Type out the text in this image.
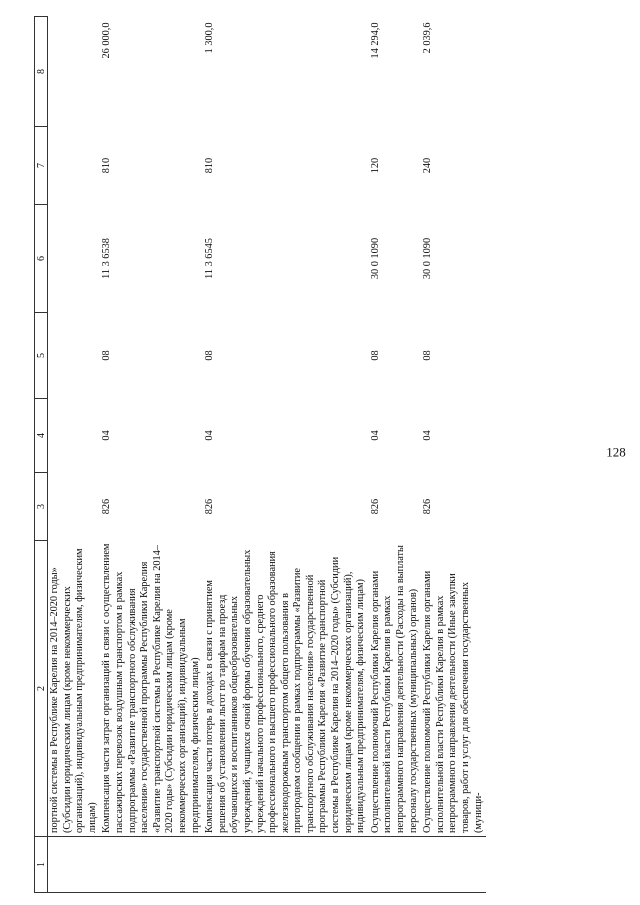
1	2	3	4	5	6	7	8
	портной системы в Республике Карелия на 2014–2020 годы» (Субсидии юридическим лицам (кроме некоммерческих организаций), индивидуальным предпринимателям, физическим лицам)						
	Компенсация части затрат организаций в связи с осуществлением пассажирских перевозок воздушным транспортом в рамках подпрограммы «Развитие транспортного обслуживания населения» государственной программы Республики Карелия «Развитие транспортной системы в Республике Карелия на 2014–2020 годы» (Субсидии юридическим лицам (кроме некоммерческих организаций), индивидуальным предпринимателям, физическим лицам)	826	04	08	11 3 6538	810	26 000,0
	Компенсация части потерь в доходах в связи с принятием решения об установлении льгот по тарифам на проезд обучающихся и воспитанников общеобразовательных учреждений, учащихся очной формы обучения образовательных учреждений начального профессионального, среднего профессионального и высшего профессионального образования железнодорожным транспортом общего пользования в пригородном сообщении в рамках подпрограммы «Развитие транспортного обслуживания населения» государственной программы Республики Карелия «Развитие транспортной системы в Республике Карелия на 2014–2020 годы» (Субсидии юридическим лицам (кроме некоммерческих организаций), индивидуальным предпринимателям, физическим лицам)	826	04	08	11 3 6545	810	1 300,0
	Осуществление полномочий Республики Карелия органами исполнительной власти Республики Карелия в рамках непрограммного направления деятельности (Расходы на выплаты персоналу государственных (муниципальных) органов)	826	04	08	30 0 1090	120	14 294,0
	Осуществление полномочий Республики Карелия органами исполнительной власти Республики Карелия в рамках непрограммного направления деятельности (Иные закупки товаров, работ и услуг для обеспечения государственных (муници-	826	04	08	30 0 1090	240	2 039,6
128
